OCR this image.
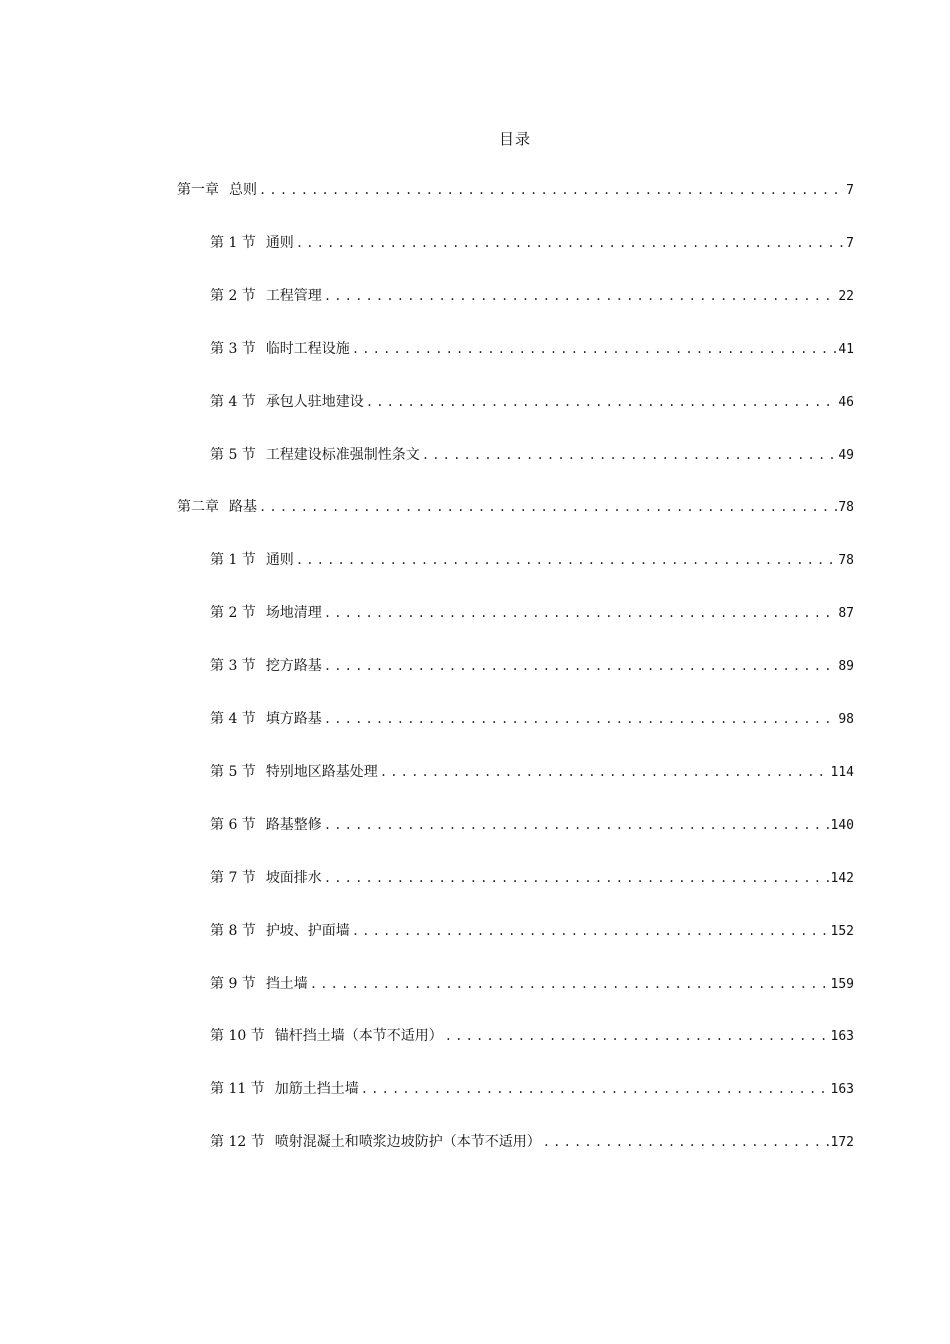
目录
第一章 总则 .....	7
第 1 节 通则 .....	7
第 2 节 工程管理 .....	22
第 3 节 临时工程设施 .....	41
第 4 节 承包人驻地建设 .....	46
第 5 节 工程建设标准强制性条文 .....	49
第二章 路基 .....	78
第 1 节 通则 .....	78
第 2 节 场地清理 .....	87
第 3 节 挖方路基 .....	89
第 4 节 填方路基 .....	98
第 5 节 特别地区路基处理 .....	114
第 6 节 路基整修 .....	140
第 7 节 坡面排水 .....	142
第 8 节 护坡、护面墙 .....	152
第 9 节 挡土墙 .....	159
第 10 节 锚杆挡土墙（本节不适用） .....	163
第 11 节 加筋土挡土墙 .....	163
第 12 节 喷射混凝土和喷浆边坡防护（本节不适用） .....	172
